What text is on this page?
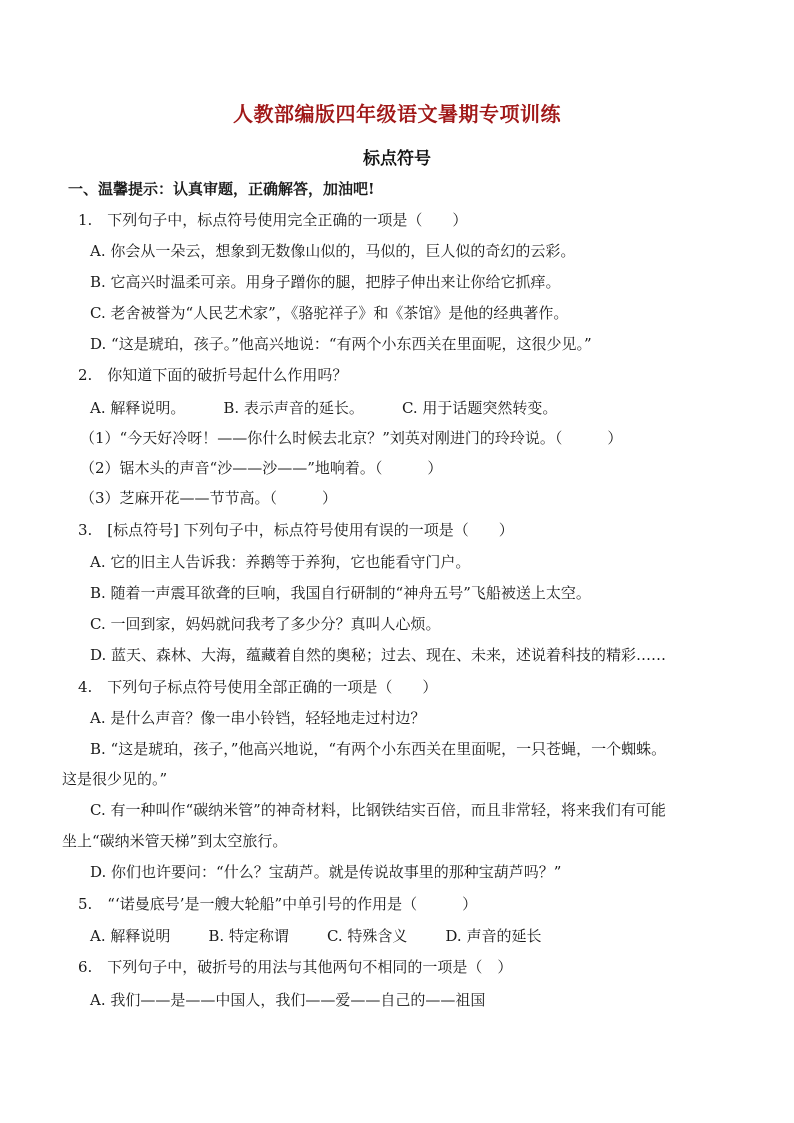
人教部编版四年级语文暑期专项训练
标点符号
一、温馨提示：认真审题，正确解答，加油吧!
1.　下列句子中，标点符号使用完全正确的一项是（　　）
A. 你会从一朵云，想象到无数像山似的，马似的，巨人似的奇幻的云彩。
B. 它高兴时温柔可亲。用身子蹭你的腿，把脖子伸出来让你给它抓痒。
C. 老舍被誉为“人民艺术家”，《骆驼祥子》和《茶馆》是他的经典著作。
D. “这是琥珀，孩子。”他高兴地说：“有两个小东西关在里面呢，这很少见。”
2.　你知道下面的破折号起什么作用吗？
A. 解释说明。	B. 表示声音的延长。	C. 用于话题突然转变。
（1）“今天好冷呀！——你什么时候去北京？”刘英对刚进门的玲玲说。（　　　）
（2）锯木头的声音“沙——沙——”地响着。（　　　）
（3）芝麻开花——节节高。（　　　）
3.　[标点符号] 下列句子中，标点符号使用有误的一项是（　　）
A. 它的旧主人告诉我：养鹅等于养狗，它也能看守门户。
B. 随着一声震耳欲聋的巨响，我国自行研制的“神舟五号”飞船被送上太空。
C. 一回到家，妈妈就问我考了多少分？真叫人心烦。
D. 蓝天、森林、大海，蕴藏着自然的奥秘；过去、现在、未来，述说着科技的精彩……
4.　下列句子标点符号使用全部正确的一项是（　　）
A. 是什么声音？像一串小铃铛，轻轻地走过村边？
B. “这是琥珀，孩子，”他高兴地说，“有两个小东西关在里面呢，一只苍蝇，一个蜘蛛。
这是很少见的。”
C. 有一种叫作“碳纳米管”的神奇材料，比钢铁结实百倍，而且非常轻，将来我们有可能
坐上“碳纳米管天梯”到太空旅行。
D. 你们也许要问：“什么？宝葫芦。就是传说故事里的那种宝葫芦吗？”
5.　“‘诺曼底号’是一艘大轮船”中单引号的作用是（　　　）
A. 解释说明	B. 特定称谓	C. 特殊含义	D. 声音的延长
6.　下列句子中，破折号的用法与其他两句不相同的一项是（　）
A. 我们——是——中国人，我们——爱——自己的——祖国
